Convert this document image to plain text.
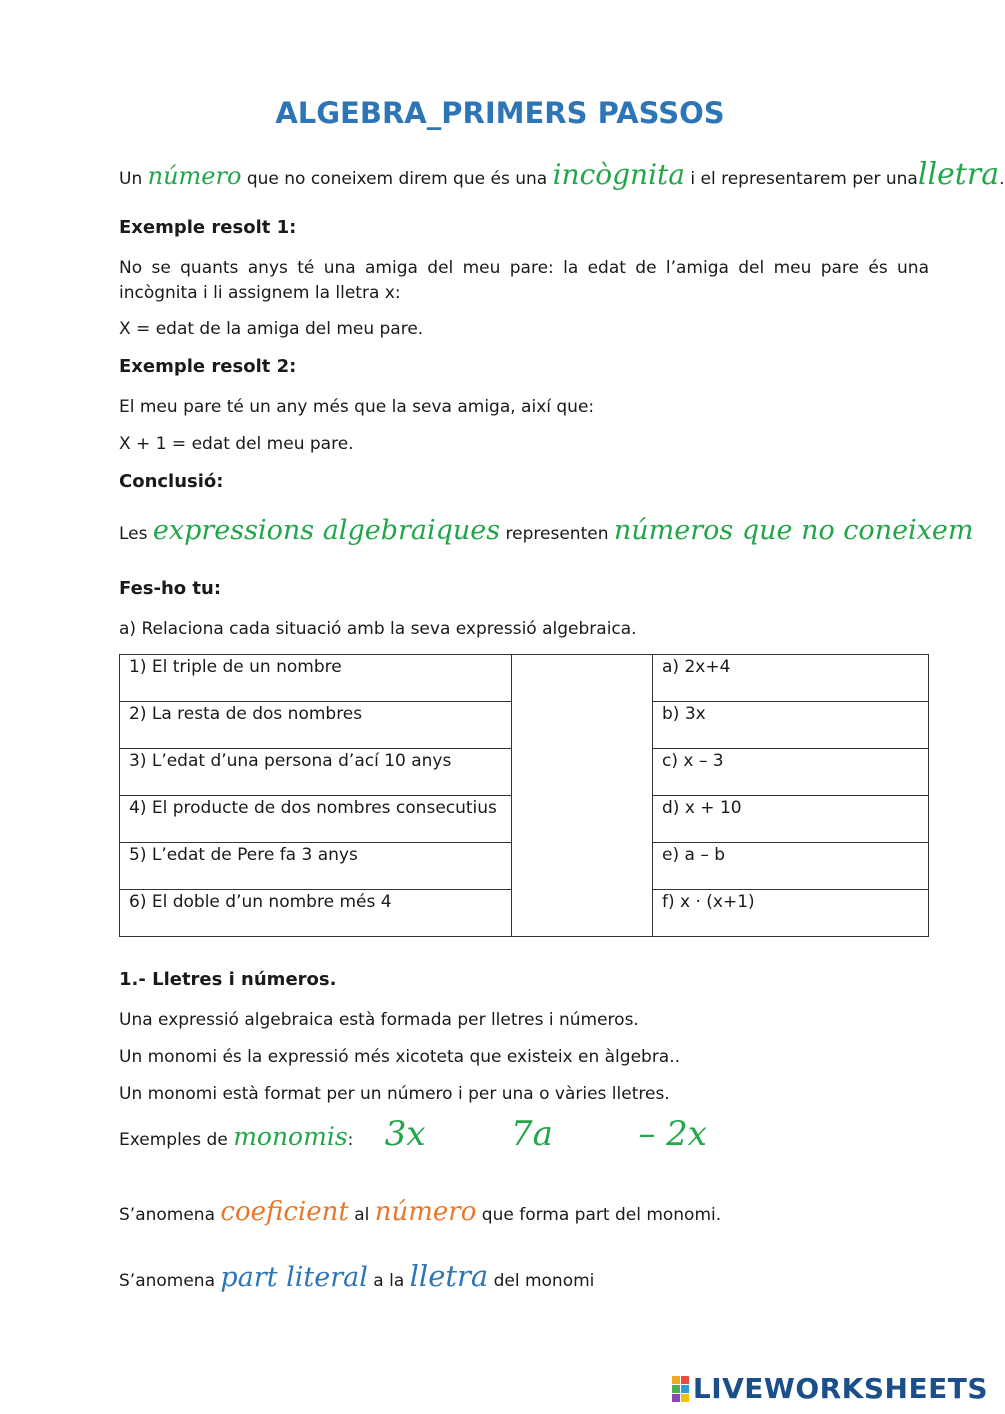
ALGEBRA_PRIMERS PASSOS
Un número que no coneixem direm que és una incògnita i el representarem per unalletra.
Exemple resolt 1:
No se quants anys té una amiga del meu pare: la edat de l’amiga del meu pare és una incògnita i li assignem la lletra x:
X = edat de la amiga del meu pare.
Exemple resolt 2:
El meu pare té un any més que la seva amiga, així que:
X + 1 = edat del meu pare.
Conclusió:
Les expressions algebraiques representen números que no coneixem
Fes-ho tu:
a) Relaciona cada situació amb la seva expressió algebraica.
1) El triple de un nombre		a) 2x+4
2) La resta de dos nombres		b) 3x
3) L’edat d’una persona d’ací 10 anys		c) x – 3
4) El producte de dos nombres consecutius		d) x + 10
5) L’edat de Pere fa 3 anys		e) a – b
6) El doble d’un nombre més 4		f) x · (x+1)
1.- Lletres i números.
Una expressió algebraica està formada per lletres i números.
Un monomi és la expressió més xicoteta que existeix en àlgebra..
Un monomi està format per un número i per una o vàries lletres.
Exemples de monomis: 3x	7a	– 2x
S’anomena coeficient al número que forma part del monomi.
S’anomena part literal a la lletra del monomi
LIVEWORKSHEETS
